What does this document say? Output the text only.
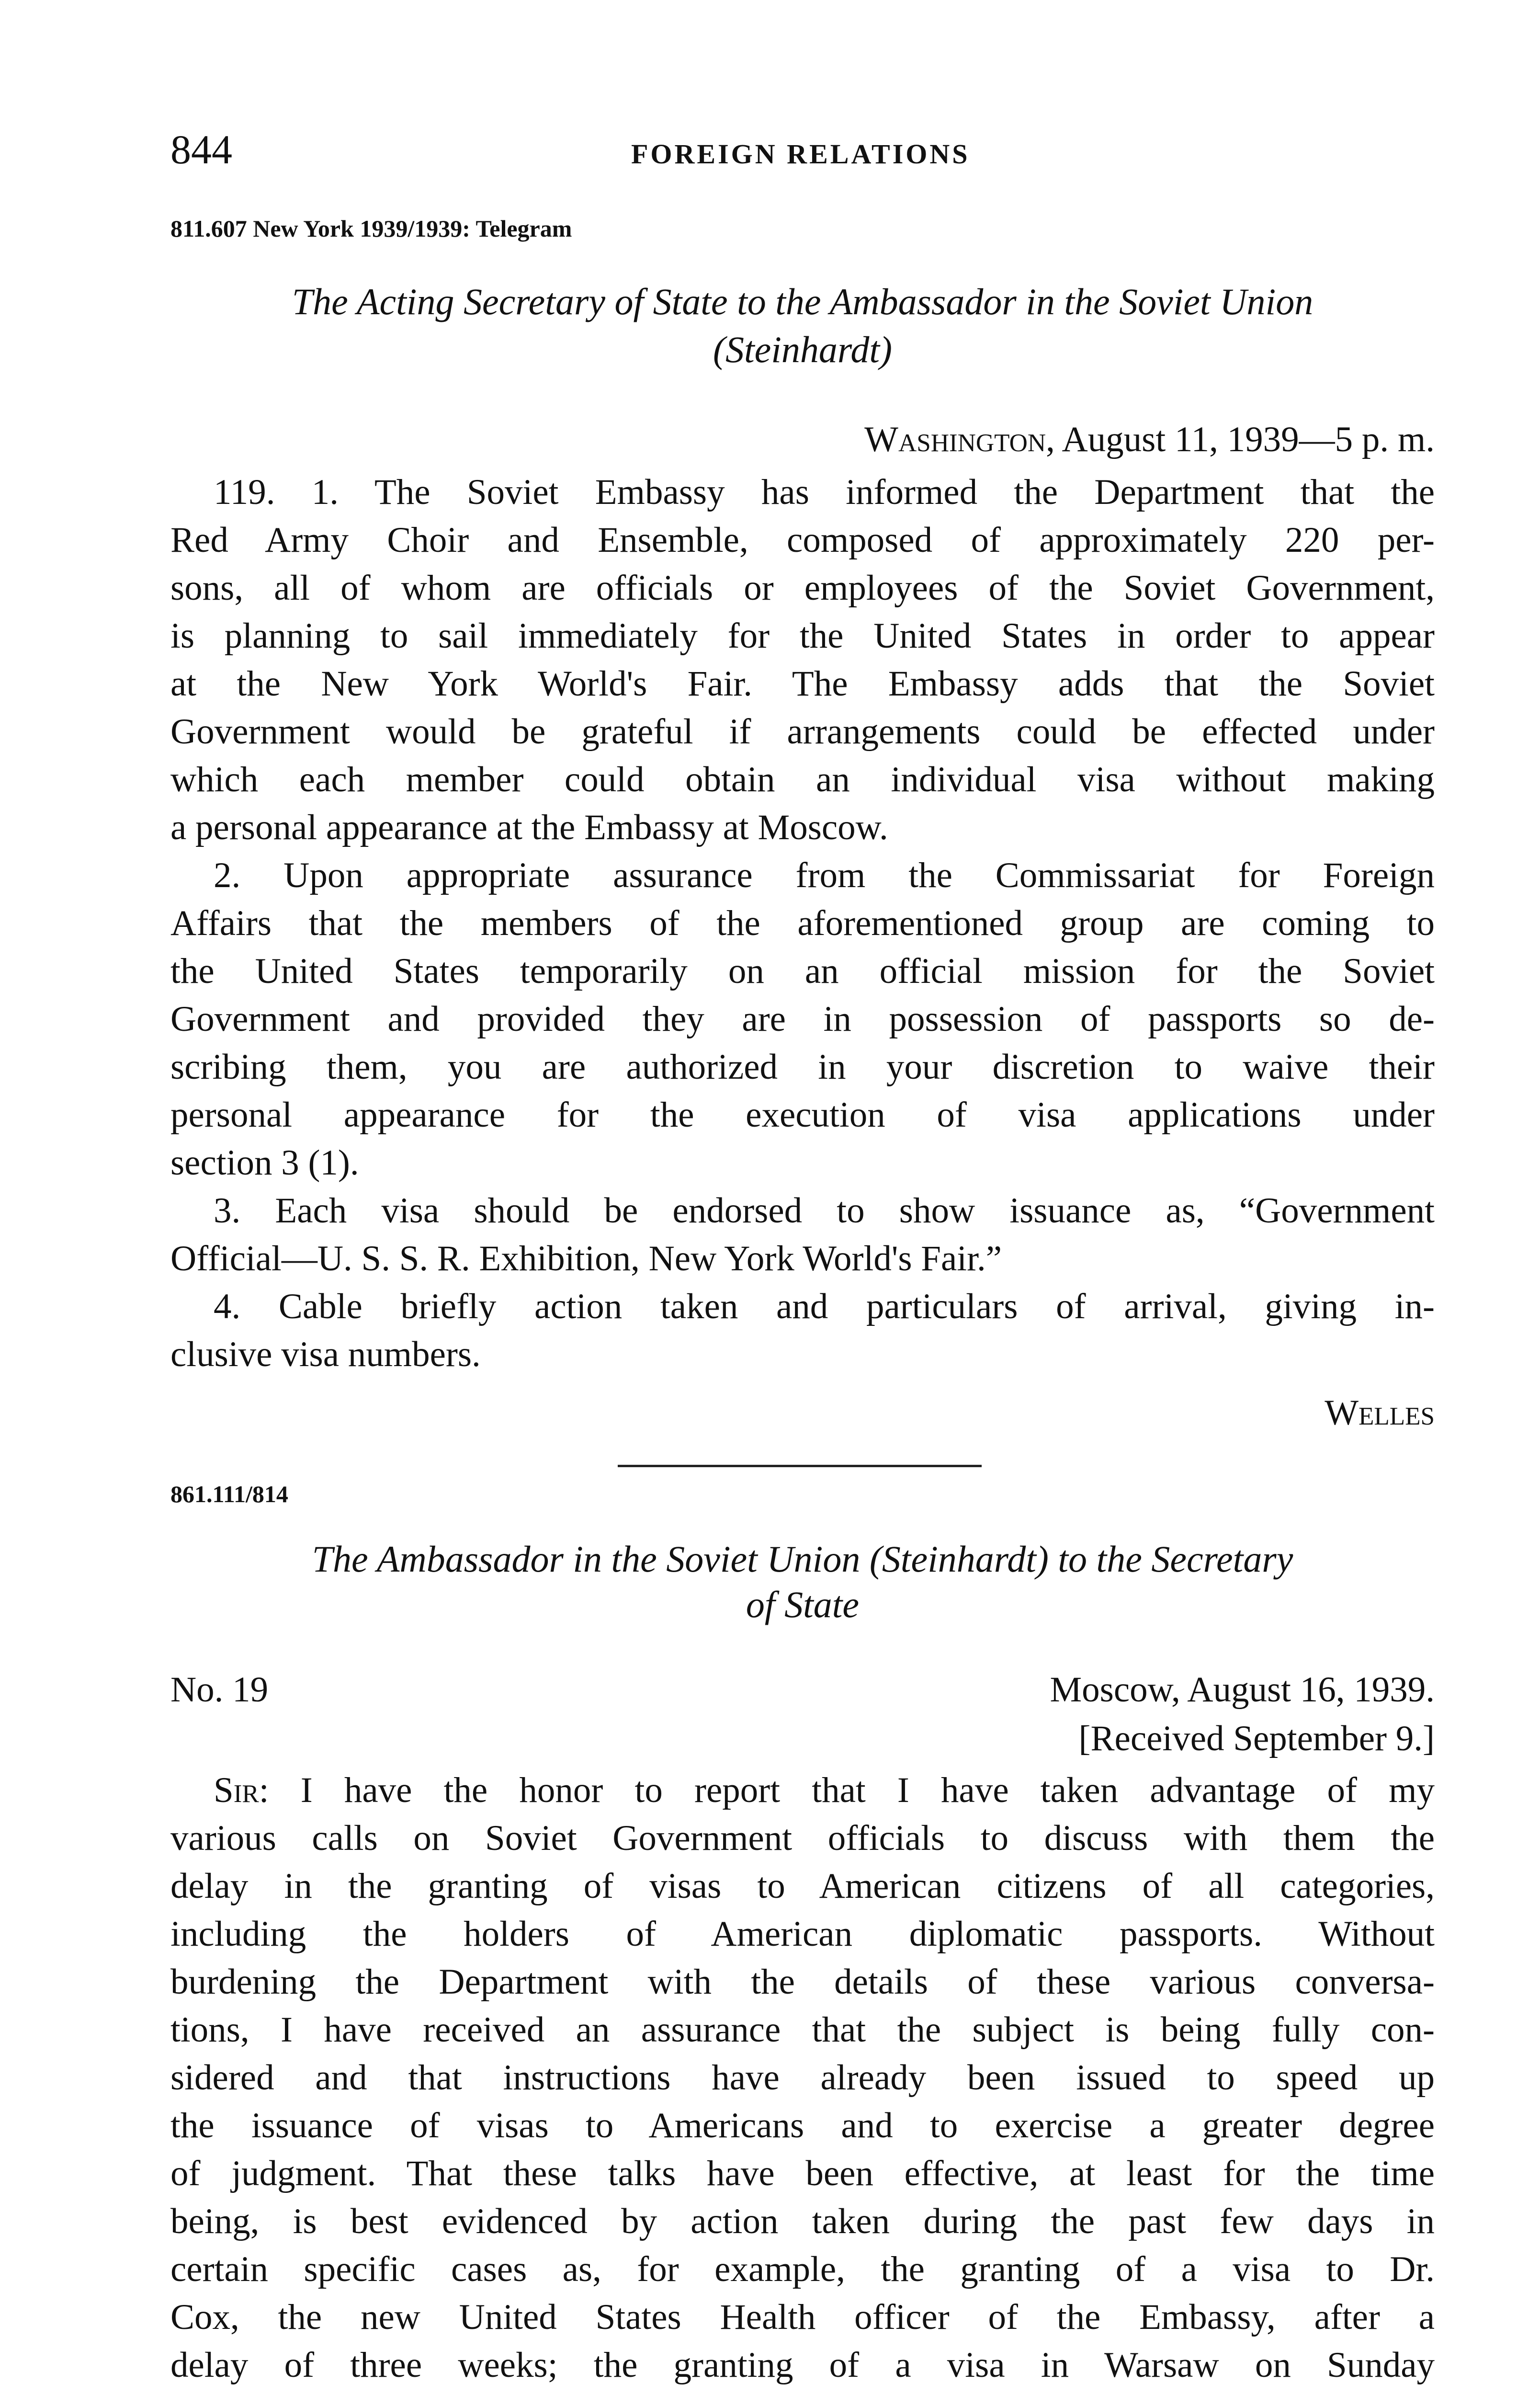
844	FOREIGN RELATIONS
811.607 New York 1939/1939: Telegram
The Acting Secretary of State to the Ambassador in the Soviet Union
(Steinhardt)
Washington, August 11, 1939—5 p. m.
119. 1. The Soviet Embassy has informed the Department that the
Red Army Choir and Ensemble, composed of approximately 220 per-
sons, all of whom are officials or employees of the Soviet Government,
is planning to sail immediately for the United States in order to appear
at the New York World's Fair. The Embassy adds that the Soviet
Government would be grateful if arrangements could be effected under
which each member could obtain an individual visa without making
a personal appearance at the Embassy at Moscow.
2. Upon appropriate assurance from the Commissariat for Foreign
Affairs that the members of the aforementioned group are coming to
the United States temporarily on an official mission for the Soviet
Government and provided they are in possession of passports so de-
scribing them, you are authorized in your discretion to waive their
personal appearance for the execution of visa applications under
section 3 (1).
3. Each visa should be endorsed to show issuance as, “Government
Official—U. S. S. R. Exhibition, New York World's Fair.”
4. Cable briefly action taken and particulars of arrival, giving in-
clusive visa numbers.
Welles
861.111/814
The Ambassador in the Soviet Union (Steinhardt) to the Secretary
of State
No. 19	Moscow, August 16, 1939.
[Received September 9.]
Sir: I have the honor to report that I have taken advantage of my
various calls on Soviet Government officials to discuss with them the
delay in the granting of visas to American citizens of all categories,
including the holders of American diplomatic passports. Without
burdening the Department with the details of these various conversa-
tions, I have received an assurance that the subject is being fully con-
sidered and that instructions have already been issued to speed up
the issuance of visas to Americans and to exercise a greater degree
of judgment. That these talks have been effective, at least for the time
being, is best evidenced by action taken during the past few days in
certain specific cases as, for example, the granting of a visa to Dr.
Cox, the new United States Health officer of the Embassy, after a
delay of three weeks; the granting of a visa in Warsaw on Sunday
